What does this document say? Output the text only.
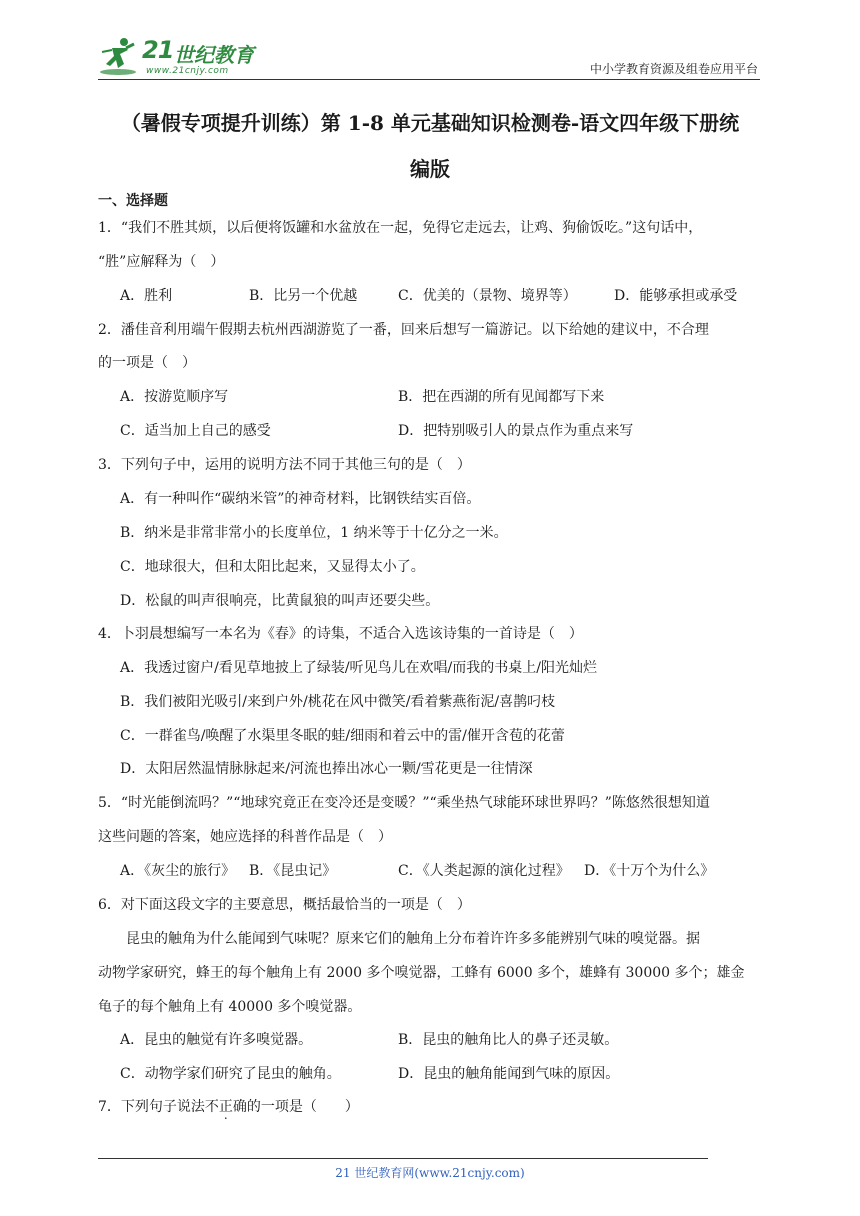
21 世纪教育
www.21cnjy.com	中小学教育资源及组卷应用平台
（暑假专项提升训练）第 1-8 单元基础知识检测卷-语文四年级下册统
编版
一、选择题
1．“我们不胜其烦，以后便将饭罐和水盆放在一起，免得它走远去，让鸡、狗偷饭吃。”这句话中，
“胜”应解释为（　）
A．胜利	B．比另一个优越	C．优美的（景物、境界等）	D．能够承担或承受
2．潘佳音利用端午假期去杭州西湖游览了一番，回来后想写一篇游记。以下给她的建议中，不合理
的一项是（　）
A．按游览顺序写	B．把在西湖的所有见闻都写下来
C．适当加上自己的感受	D．把特别吸引人的景点作为重点来写
3．下列句子中，运用的说明方法不同于其他三句的是（　）
A．有一种叫作“碳纳米管”的神奇材料，比钢铁结实百倍。
B．纳米是非常非常小的长度单位，1 纳米等于十亿分之一米。
C．地球很大，但和太阳比起来，又显得太小了。
D．松鼠的叫声很响亮，比黄鼠狼的叫声还要尖些。
4．卜羽晨想编写一本名为《春》的诗集，不适合入选该诗集的一首诗是（　）
A．我透过窗户/看见草地披上了绿装/听见鸟儿在欢唱/而我的书桌上/阳光灿烂
B．我们被阳光吸引/来到户外/桃花在风中微笑/看着紫燕衔泥/喜鹊叼枝
C．一群雀鸟/唤醒了水渠里冬眠的蛙/细雨和着云中的雷/催开含苞的花蕾
D．太阳居然温情脉脉起来/河流也捧出冰心一颗/雪花更是一往情深
5．“时光能倒流吗？”“地球究竟正在变冷还是变暖？”“乘坐热气球能环球世界吗？”陈悠然很想知道
这些问题的答案，她应选择的科普作品是（　）
A．《灰尘的旅行》 B．《昆虫记》	C．《人类起源的演化过程》 D．《十万个为什么》
6．对下面这段文字的主要意思，概括最恰当的一项是（　）
　　昆虫的触角为什么能闻到气味呢？原来它们的触角上分布着许许多多能辨别气味的嗅觉器。据
动物学家研究，蜂王的每个触角上有 2000 多个嗅觉器，工蜂有 6000 多个，雄蜂有 30000 多个；雄金
龟子的每个触角上有 40000 多个嗅觉器。
A．昆虫的触觉有许多嗅觉器。	B．昆虫的触角比人的鼻子还灵敏。
C．动物学家们研究了昆虫的触角。	D．昆虫的触角能闻到气味的原因。
7．下列句子说法不正确的一项是（　　）
21 世纪教育网(www.21cnjy.com)
